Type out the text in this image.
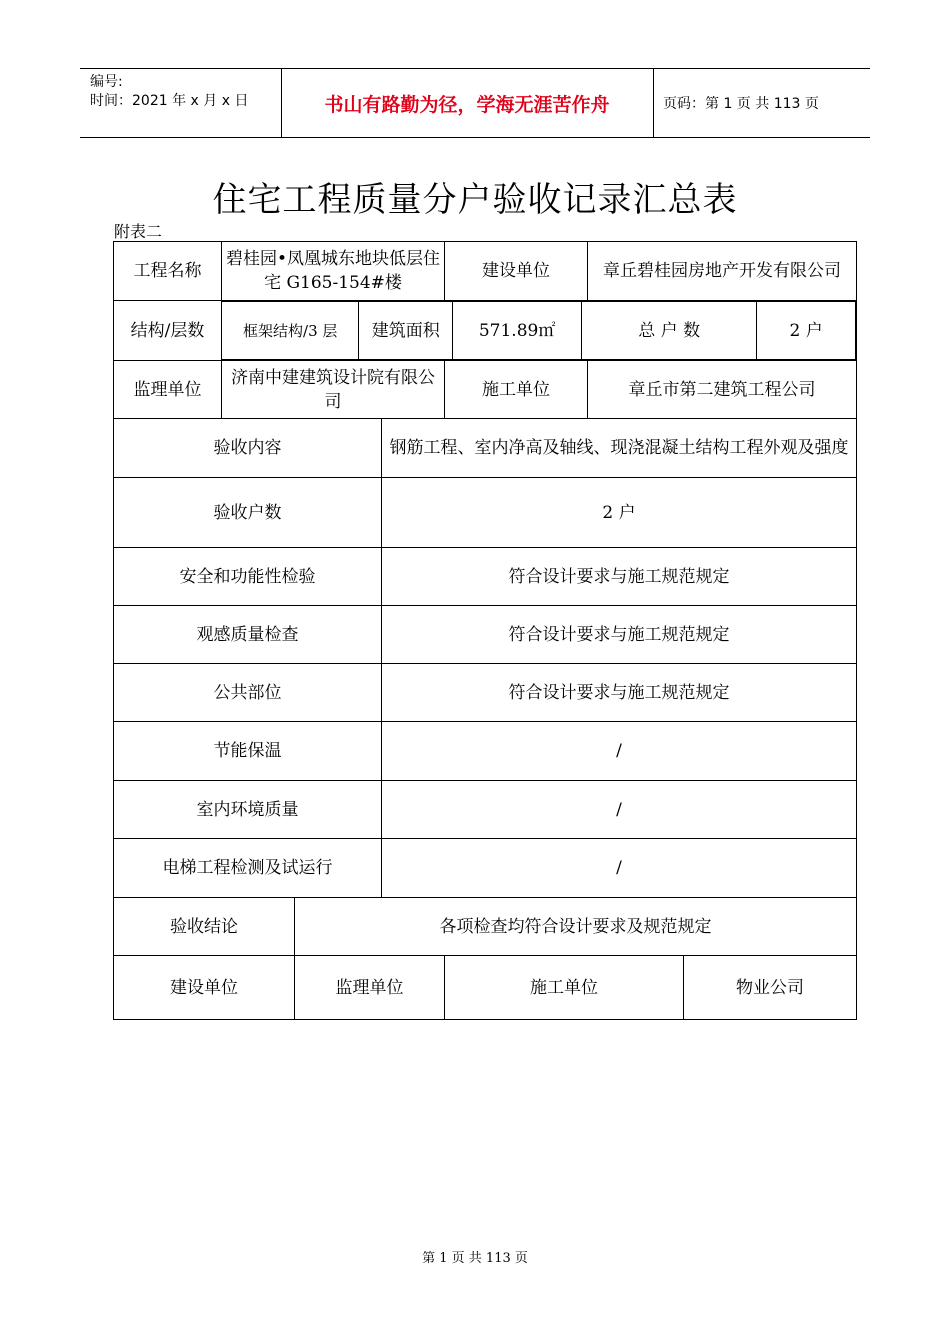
编号:
时间：2021 年 x 月 x 日	书山有路勤为径，学海无涯苦作舟	页码：第 1 页 共 113 页
住宅工程质量分户验收记录汇总表
附表二
工程名称	碧桂园•凤凰城东地块低层住宅 G165-154#楼	建设单位	章丘碧桂园房地产开发有限公司
结构/层数		框架结构/3 层	建筑面积	571.89㎡	总 户 数	2 户

监理单位	济南中建建筑设计院有限公司	施工单位	章丘市第二建筑工程公司
验收内容	钢筋工程、室内净高及轴线、现浇混凝土结构工程外观及强度
验收户数	2 户
安全和功能性检验	符合设计要求与施工规范规定
观感质量检查	符合设计要求与施工规范规定
公共部位	符合设计要求与施工规范规定
节能保温	/
室内环境质量	/
电梯工程检测及试运行	/
验收结论	各项检查均符合设计要求及规范规定
建设单位	监理单位	施工单位	物业公司
第 1 页 共 113 页
